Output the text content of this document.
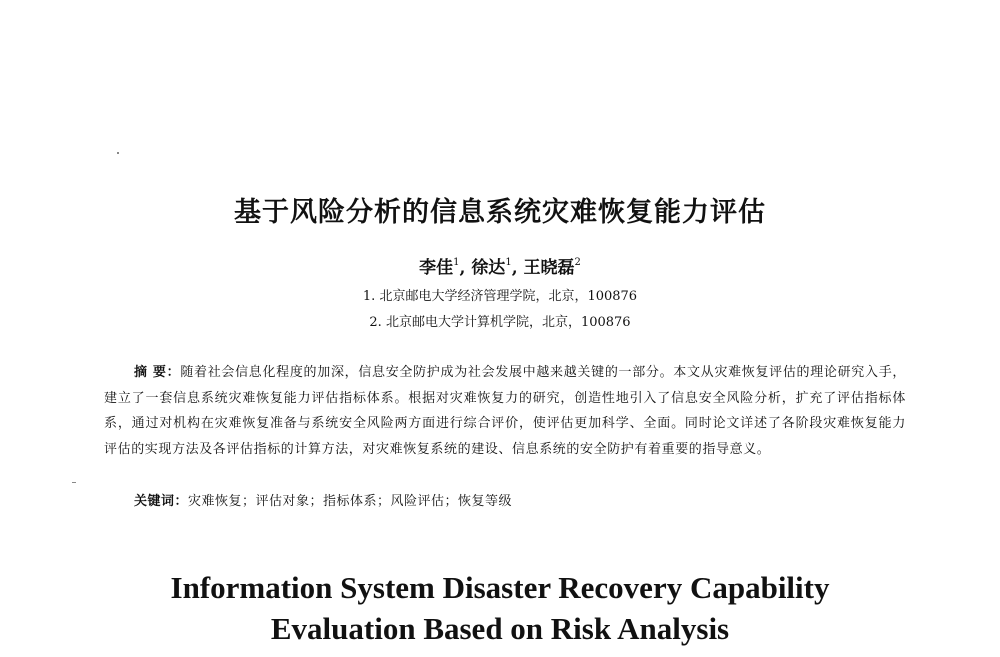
基于风险分析的信息系统灾难恢复能力评估
李佳$^1$, 徐达$^1$, 王晓磊$^2$
1. 北京邮电大学经济管理学院，北京，100876
2. 北京邮电大学计算机学院，北京，100876
摘 要：随着社会信息化程度的加深，信息安全防护成为社会发展中越来越关键的一部分。本文从灾难恢复评估的理论研究入手，建立了一套信息系统灾难恢复能力评估指标体系。根据对灾难恢复力的研究，创造性地引入了信息安全风险分析，扩充了评估指标体系，通过对机构在灾难恢复准备与系统安全风险两方面进行综合评价，使评估更加科学、全面。同时论文详述了各阶段灾难恢复能力评估的实现方法及各评估指标的计算方法，对灾难恢复系统的建设、信息系统的安全防护有着重要的指导意义。
关键词：灾难恢复；评估对象；指标体系；风险评估；恢复等级
Information System Disaster Recovery Capability
Evaluation Based on Risk Analysis
